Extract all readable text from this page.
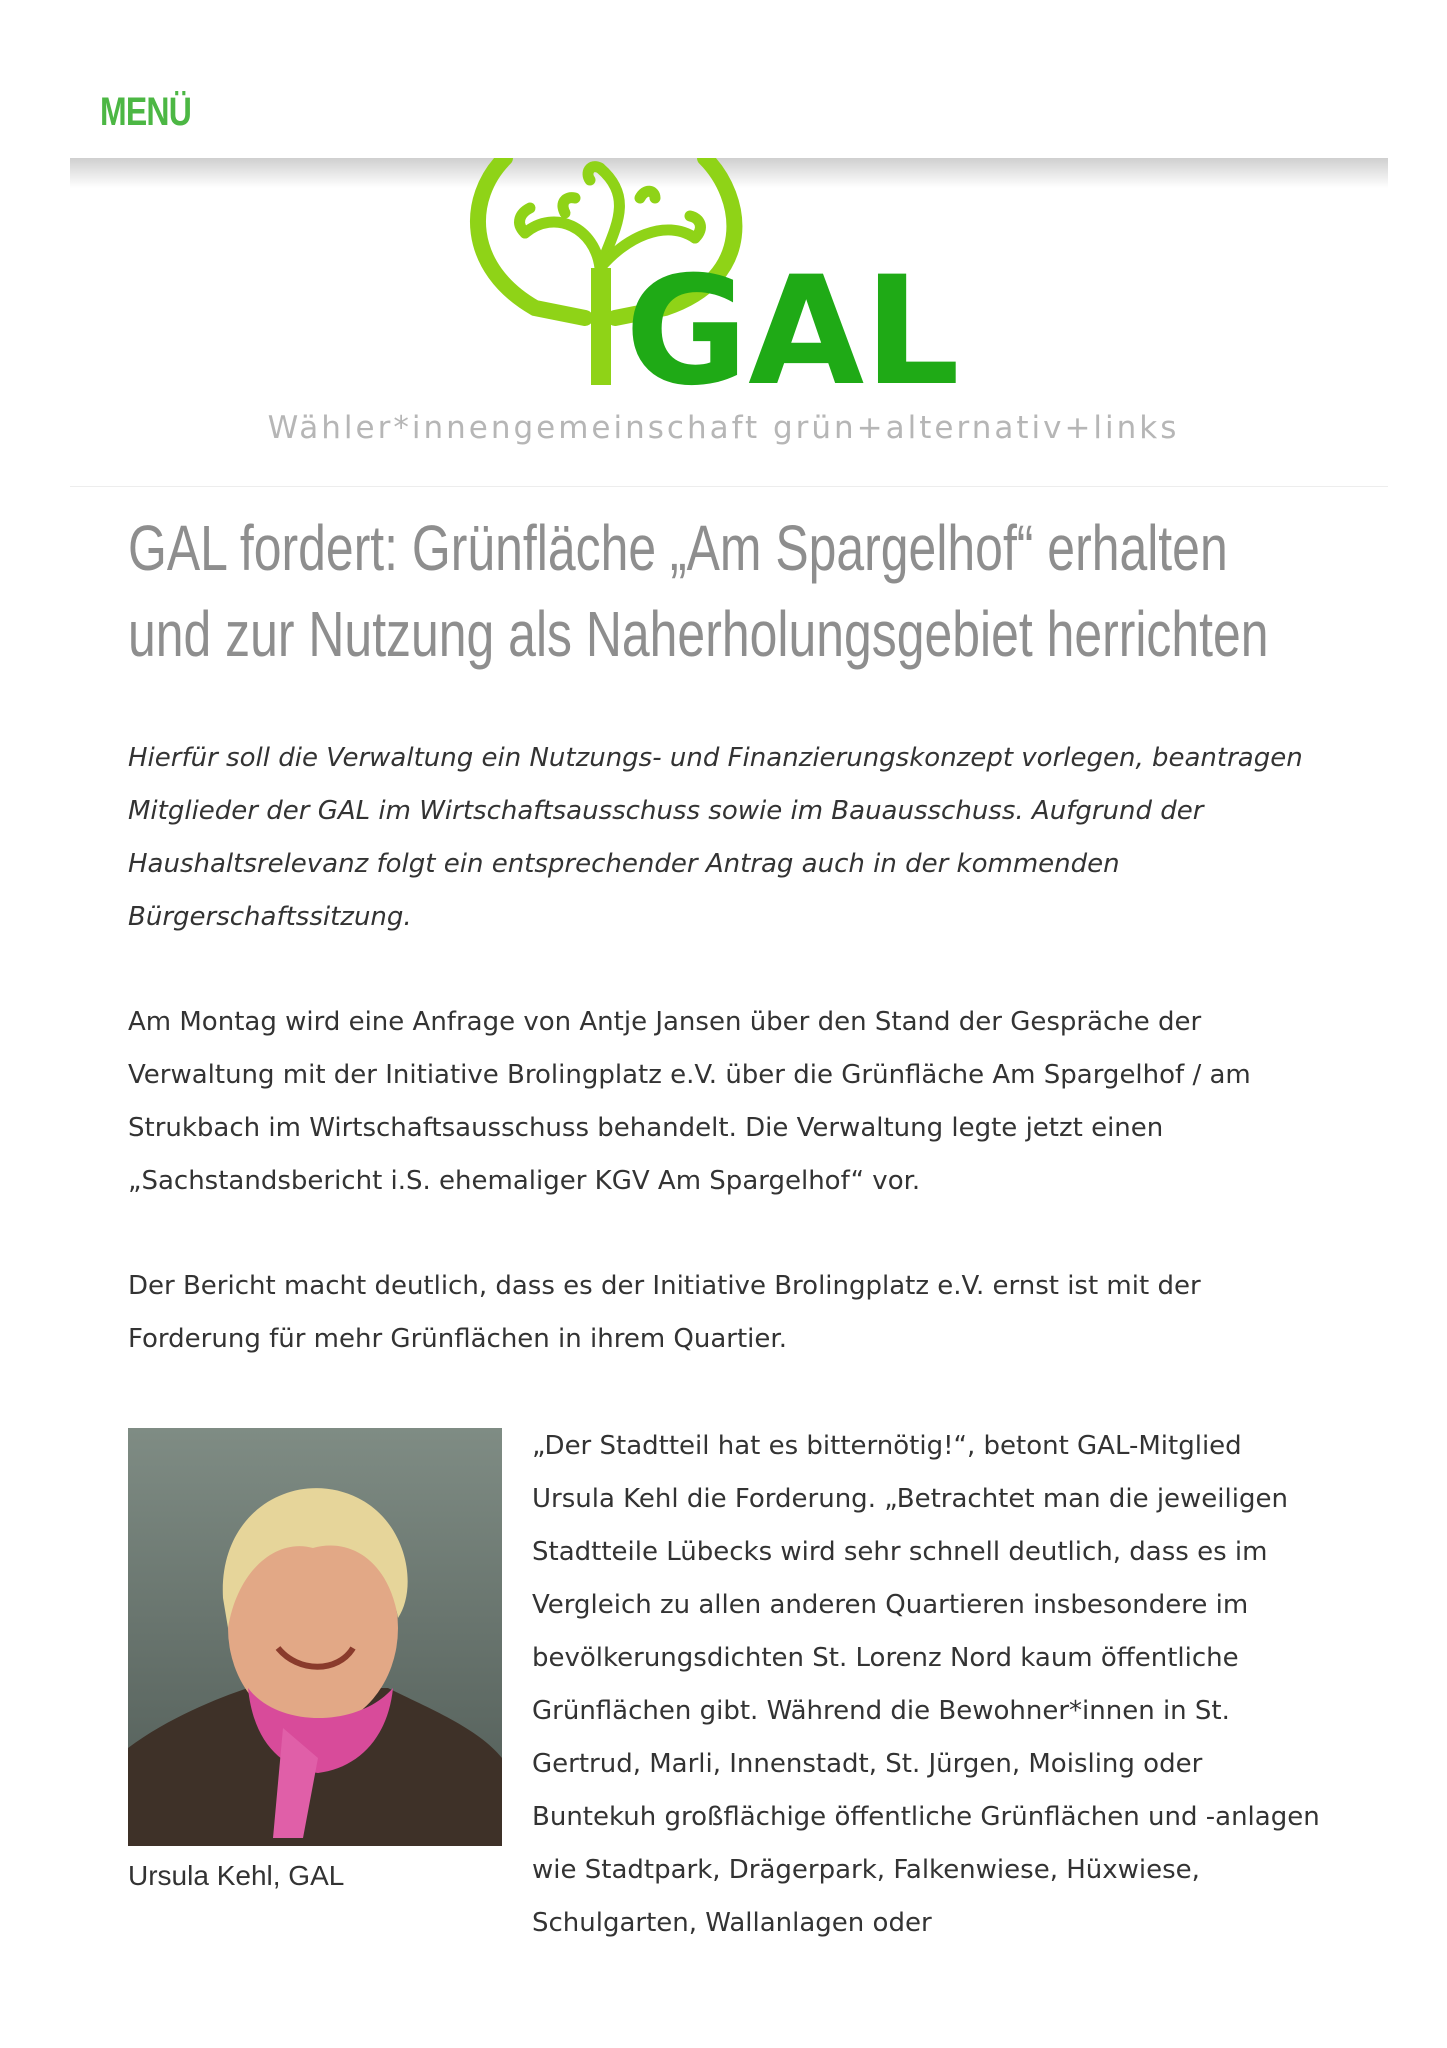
MENÜ
GAL
Wähler*innengemeinschaft grün+alternativ+links
GAL fordert: Grünfläche „Am Spargelhof“ erhalten und zur Nutzung als Naherholungsgebiet herrichten

Hierfür soll die Verwaltung ein Nutzungs- und Finanzierungskonzept vorlegen, beantragen Mitglieder der GAL im Wirtschaftsausschuss sowie im Bauausschuss. Aufgrund der Haushaltsrelevanz folgt ein entsprechender Antrag auch in der kommenden Bürgerschaftssitzung.

Am Montag wird eine Anfrage von Antje Jansen über den Stand der Gespräche der Verwaltung mit der Initiative Brolingplatz e.V. über die Grünfläche Am Spargelhof / am Strukbach im Wirtschaftsausschuss behandelt. Die Verwaltung legte jetzt einen „Sachstandsbericht i.S. ehemaliger KGV Am Spargelhof“ vor.

Der Bericht macht deutlich, dass es der Initiative Brolingplatz e.V. ernst ist mit der Forderung für mehr Grünflächen in ihrem Quartier.

Ursula Kehl, GAL

„Der Stadtteil hat es bitternötig!“, betont GAL-Mitglied Ursula Kehl die Forderung. „Betrachtet man die jeweiligen Stadtteile Lübecks wird sehr schnell deutlich, dass es im Vergleich zu allen anderen Quartieren insbesondere im bevölkerungsdichten St. Lorenz Nord kaum öffentliche Grünflächen gibt. Während die Bewohner*innen in St. Gertrud, Marli, Innenstadt, St. Jürgen, Moisling oder Buntekuh großflächige öffentliche Grünflächen und -anlagen wie Stadtpark, Drägerpark, Falkenwiese, Hüxwiese, Schulgarten, Wallanlagen oder
